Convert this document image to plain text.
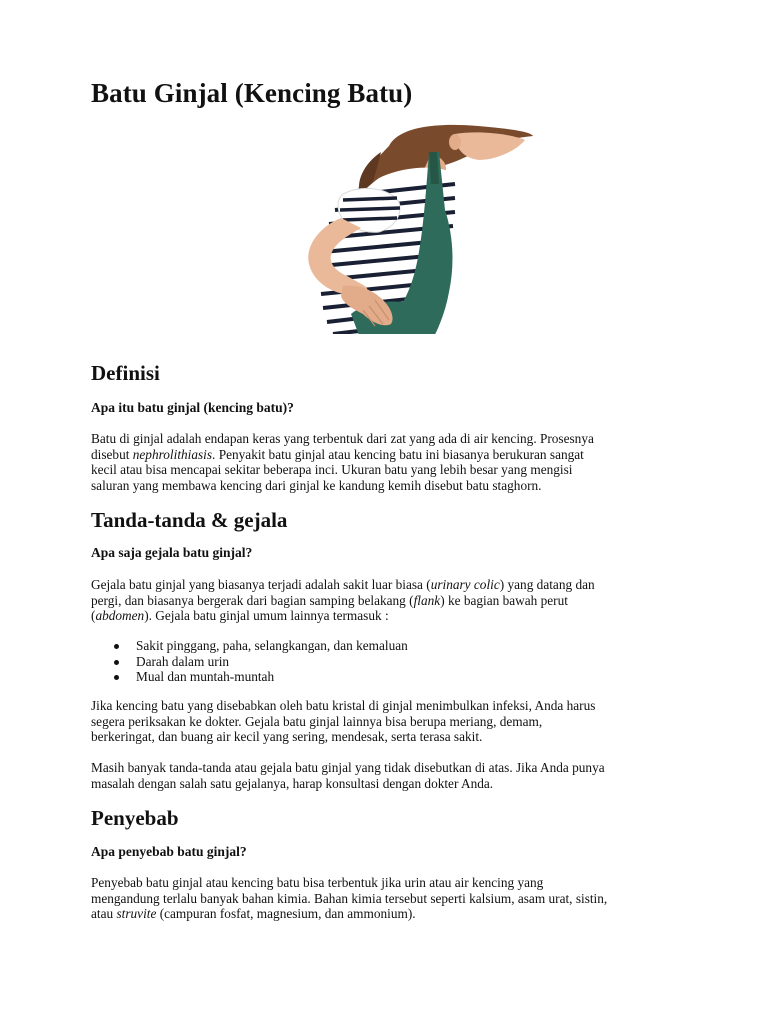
Batu Ginjal (Kencing Batu)
Definisi
Apa itu batu ginjal (kencing batu)?
Batu di ginjal adalah endapan keras yang terbentuk dari zat yang ada di air kencing. Prosesnya
disebut nephrolithiasis. Penyakit batu ginjal atau kencing batu ini biasanya berukuran sangat
kecil atau bisa mencapai sekitar beberapa inci. Ukuran batu yang lebih besar yang mengisi
saluran yang membawa kencing dari ginjal ke kandung kemih disebut batu staghorn.
Tanda-tanda & gejala
Apa saja gejala batu ginjal?
Gejala batu ginjal yang biasanya terjadi adalah sakit luar biasa (urinary colic) yang datang dan
pergi, dan biasanya bergerak dari bagian samping belakang (flank) ke bagian bawah perut
(abdomen). Gejala batu ginjal umum lainnya termasuk :
Sakit pinggang, paha, selangkangan, dan kemaluan
Darah dalam urin
Mual dan muntah-muntah
Jika kencing batu yang disebabkan oleh batu kristal di ginjal menimbulkan infeksi, Anda harus
segera periksakan ke dokter. Gejala batu ginjal lainnya bisa berupa meriang, demam,
berkeringat, dan buang air kecil yang sering, mendesak, serta terasa sakit.
Masih banyak tanda-tanda atau gejala batu ginjal yang tidak disebutkan di atas. Jika Anda punya
masalah dengan salah satu gejalanya, harap konsultasi dengan dokter Anda.
Penyebab
Apa penyebab batu ginjal?
Penyebab batu ginjal atau kencing batu bisa terbentuk jika urin atau air kencing yang
mengandung terlalu banyak bahan kimia. Bahan kimia tersebut seperti kalsium, asam urat, sistin,
atau struvite (campuran fosfat, magnesium, dan ammonium).
